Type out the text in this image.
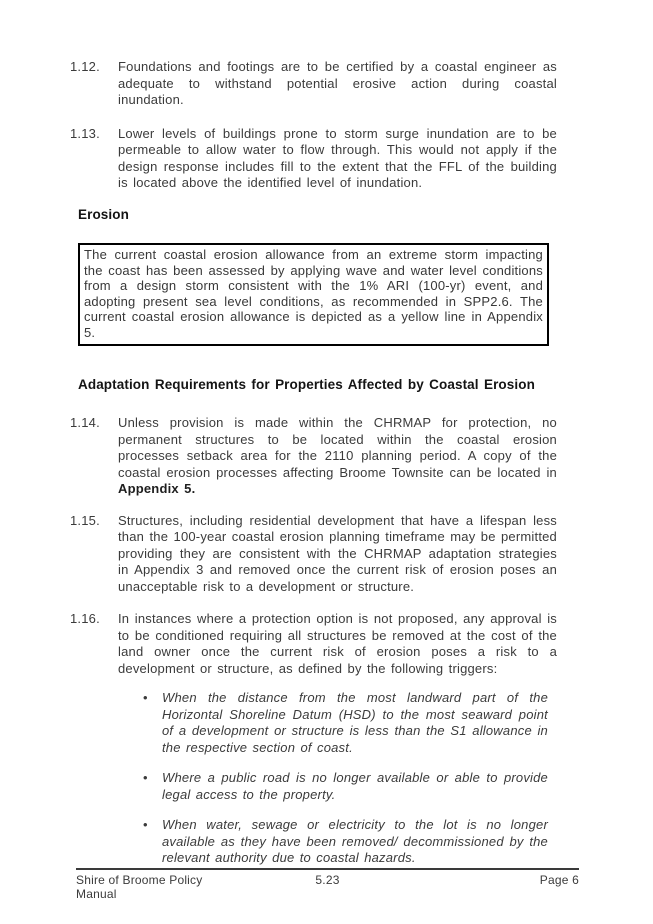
1.12.	Foundations and footings are to be certified by a coastal engineer as adequate to withstand potential erosive action during coastal inundation.
1.13.	Lower levels of buildings prone to storm surge inundation are to be permeable to allow water to flow through. This would not apply if the design response includes fill to the extent that the FFL of the building is located above the identified level of inundation.
Erosion
The current coastal erosion allowance from an extreme storm impacting the coast has been assessed by applying wave and water level conditions from a design storm consistent with the 1% ARI (100-yr) event, and adopting present sea level conditions, as recommended in SPP2.6. The current coastal erosion allowance is depicted as a yellow line in Appendix 5.
Adaptation Requirements for Properties Affected by Coastal Erosion
1.14.	Unless provision is made within the CHRMAP for protection, no permanent structures to be located within the coastal erosion processes setback area for the 2110 planning period. A copy of the coastal erosion processes affecting Broome Townsite can be located in Appendix 5.
1.15.	Structures, including residential development that have a lifespan less than the 100-year coastal erosion planning timeframe may be permitted providing they are consistent with the CHRMAP adaptation strategies in Appendix 3 and removed once the current risk of erosion poses an unacceptable risk to a development or structure.
1.16.	In instances where a protection option is not proposed, any approval is to be conditioned requiring all structures be removed at the cost of the land owner once the current risk of erosion poses a risk to a development or structure, as defined by the following triggers:
•	When the distance from the most landward part of the Horizontal Shoreline Datum (HSD) to the most seaward point of a development or structure is less than the S1 allowance in the respective section of coast.
•	Where a public road is no longer available or able to provide legal access to the property.
•	When water, sewage or electricity to the lot is no longer available as they have been removed/ decommissioned by the relevant authority due to coastal hazards.
Shire of Broome Policy Manual
5.23	Page 6
